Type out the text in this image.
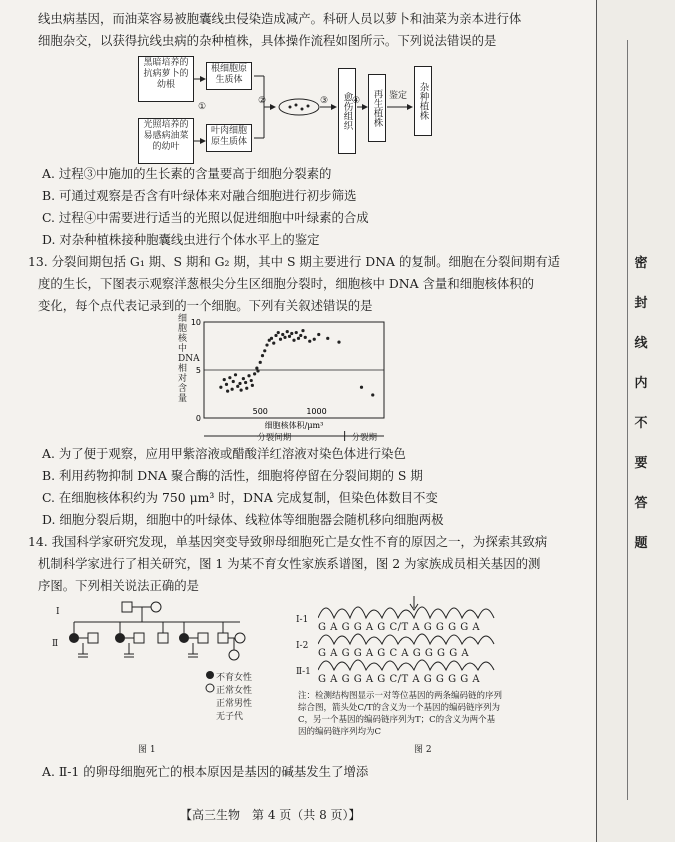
线虫病基因，而油菜容易被胞囊线虫侵染造成减产。科研人员以萝卜和油菜为亲本进行体
细胞杂交，以获得抗线虫病的杂种植株，具体操作流程如图所示。下列说法错误的是
黑暗培养的抗病萝卜的幼根
光照培养的易感病油菜的幼叶
根细胞原生质体
叶肉细胞原生质体
愈伤组织	再生植株	杂种植株
鉴定
①
②	③	④
A. 过程③中施加的生长素的含量要高于细胞分裂素的
B. 可通过观察是否含有叶绿体来对融合细胞进行初步筛选
C. 过程④中需要进行适当的光照以促进细胞中叶绿素的合成
D. 对杂种植株接种胞囊线虫进行个体水平上的鉴定
13. 分裂间期包括 G₁ 期、S 期和 G₂ 期，其中 S 期主要进行 DNA 的复制。细胞在分裂间期有适
度的生长，下图表示观察洋葱根尖分生区细胞分裂时，细胞核中 DNA 含量和细胞核体积的
变化，每个点代表记录到的一个细胞。下列有关叙述错误的是
细胞核中DNA相对含量
0
5
10
500	1000
细胞核体积/μm³
分裂间期	分裂期
A. 为了便于观察，应用甲紫溶液或醋酸洋红溶液对染色体进行染色
B. 利用药物抑制 DNA 聚合酶的活性，细胞将停留在分裂间期的 S 期
C. 在细胞核体积约为 750 μm³ 时，DNA 完成复制，但染色体数目不变
D. 细胞分裂后期，细胞中的叶绿体、线粒体等细胞器会随机移向细胞两极
14. 我国科学家研究发现，单基因突变导致卵母细胞死亡是女性不育的原因之一，为探索其致病
机制科学家进行了相关研究，图 1 为某不育女性家族系谱图，图 2 为家族成员相关基因的测
序图。下列相关说法正确的是
I
Ⅱ
不育女性
正常女性
正常男性
无子代
图 1
I-1
I-2
Ⅱ-1
G A G G A G C/T A G G G G A
G A G G A G C A G G G G A
G A G G A G C/T A G G G G A
注：检测结构图显示一对等位基因的两条编码链的序列综合图，箭头处C/T的含义为一个基因的编码链序列为C，另一个基因的编码链序列为T；C的含义为两个基因的编码链序列均为C
图 2
A. Ⅱ-1 的卵母细胞死亡的根本原因是基因的碱基发生了增添
【高三生物　第 4 页（共 8 页）】
密
封
线
内
不
要
答
题
